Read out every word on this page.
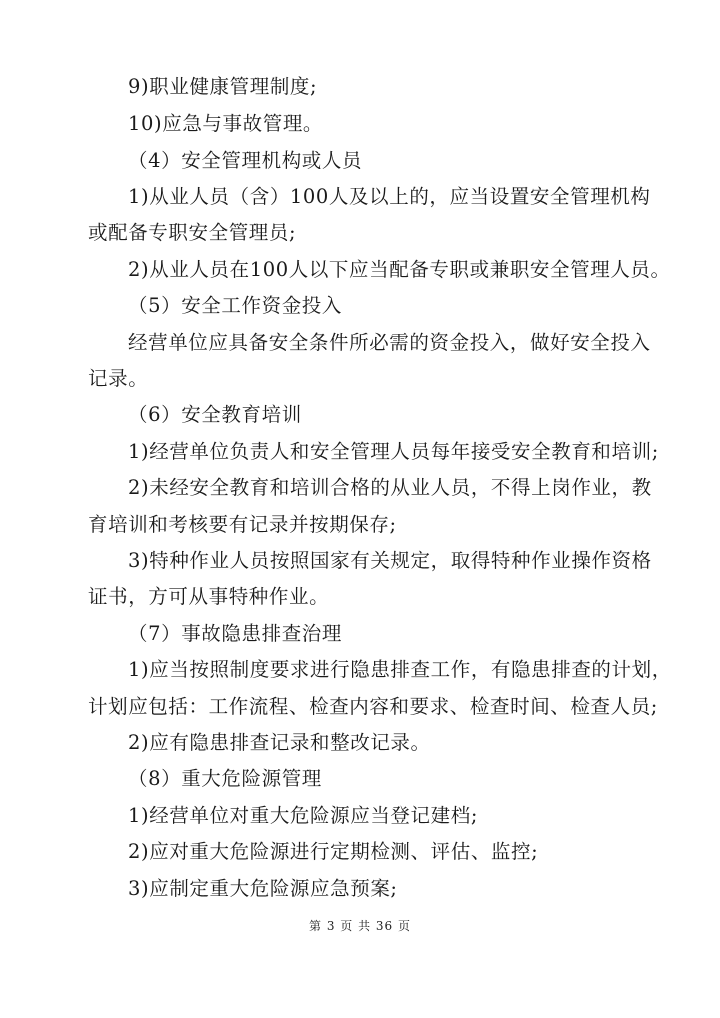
9)职业健康管理制度;
10)应急与事故管理。
（4）安全管理机构或人员
1)从业人员（含）100人及以上的，应当设置安全管理机构
或配备专职安全管理员;
2)从业人员在100人以下应当配备专职或兼职安全管理人员。
（5）安全工作资金投入
经营单位应具备安全条件所必需的资金投入，做好安全投入
记录。
（6）安全教育培训
1)经营单位负责人和安全管理人员每年接受安全教育和培训;
2)未经安全教育和培训合格的从业人员，不得上岗作业，教
育培训和考核要有记录并按期保存;
3)特种作业人员按照国家有关规定，取得特种作业操作资格
证书，方可从事特种作业。
（7）事故隐患排查治理
1)应当按照制度要求进行隐患排查工作，有隐患排查的计划，
计划应包括：工作流程、检查内容和要求、检查时间、检查人员;
2)应有隐患排查记录和整改记录。
（8）重大危险源管理
1)经营单位对重大危险源应当登记建档;
2)应对重大危险源进行定期检测、评估、监控;
3)应制定重大危险源应急预案;
第 3 页 共 36 页
